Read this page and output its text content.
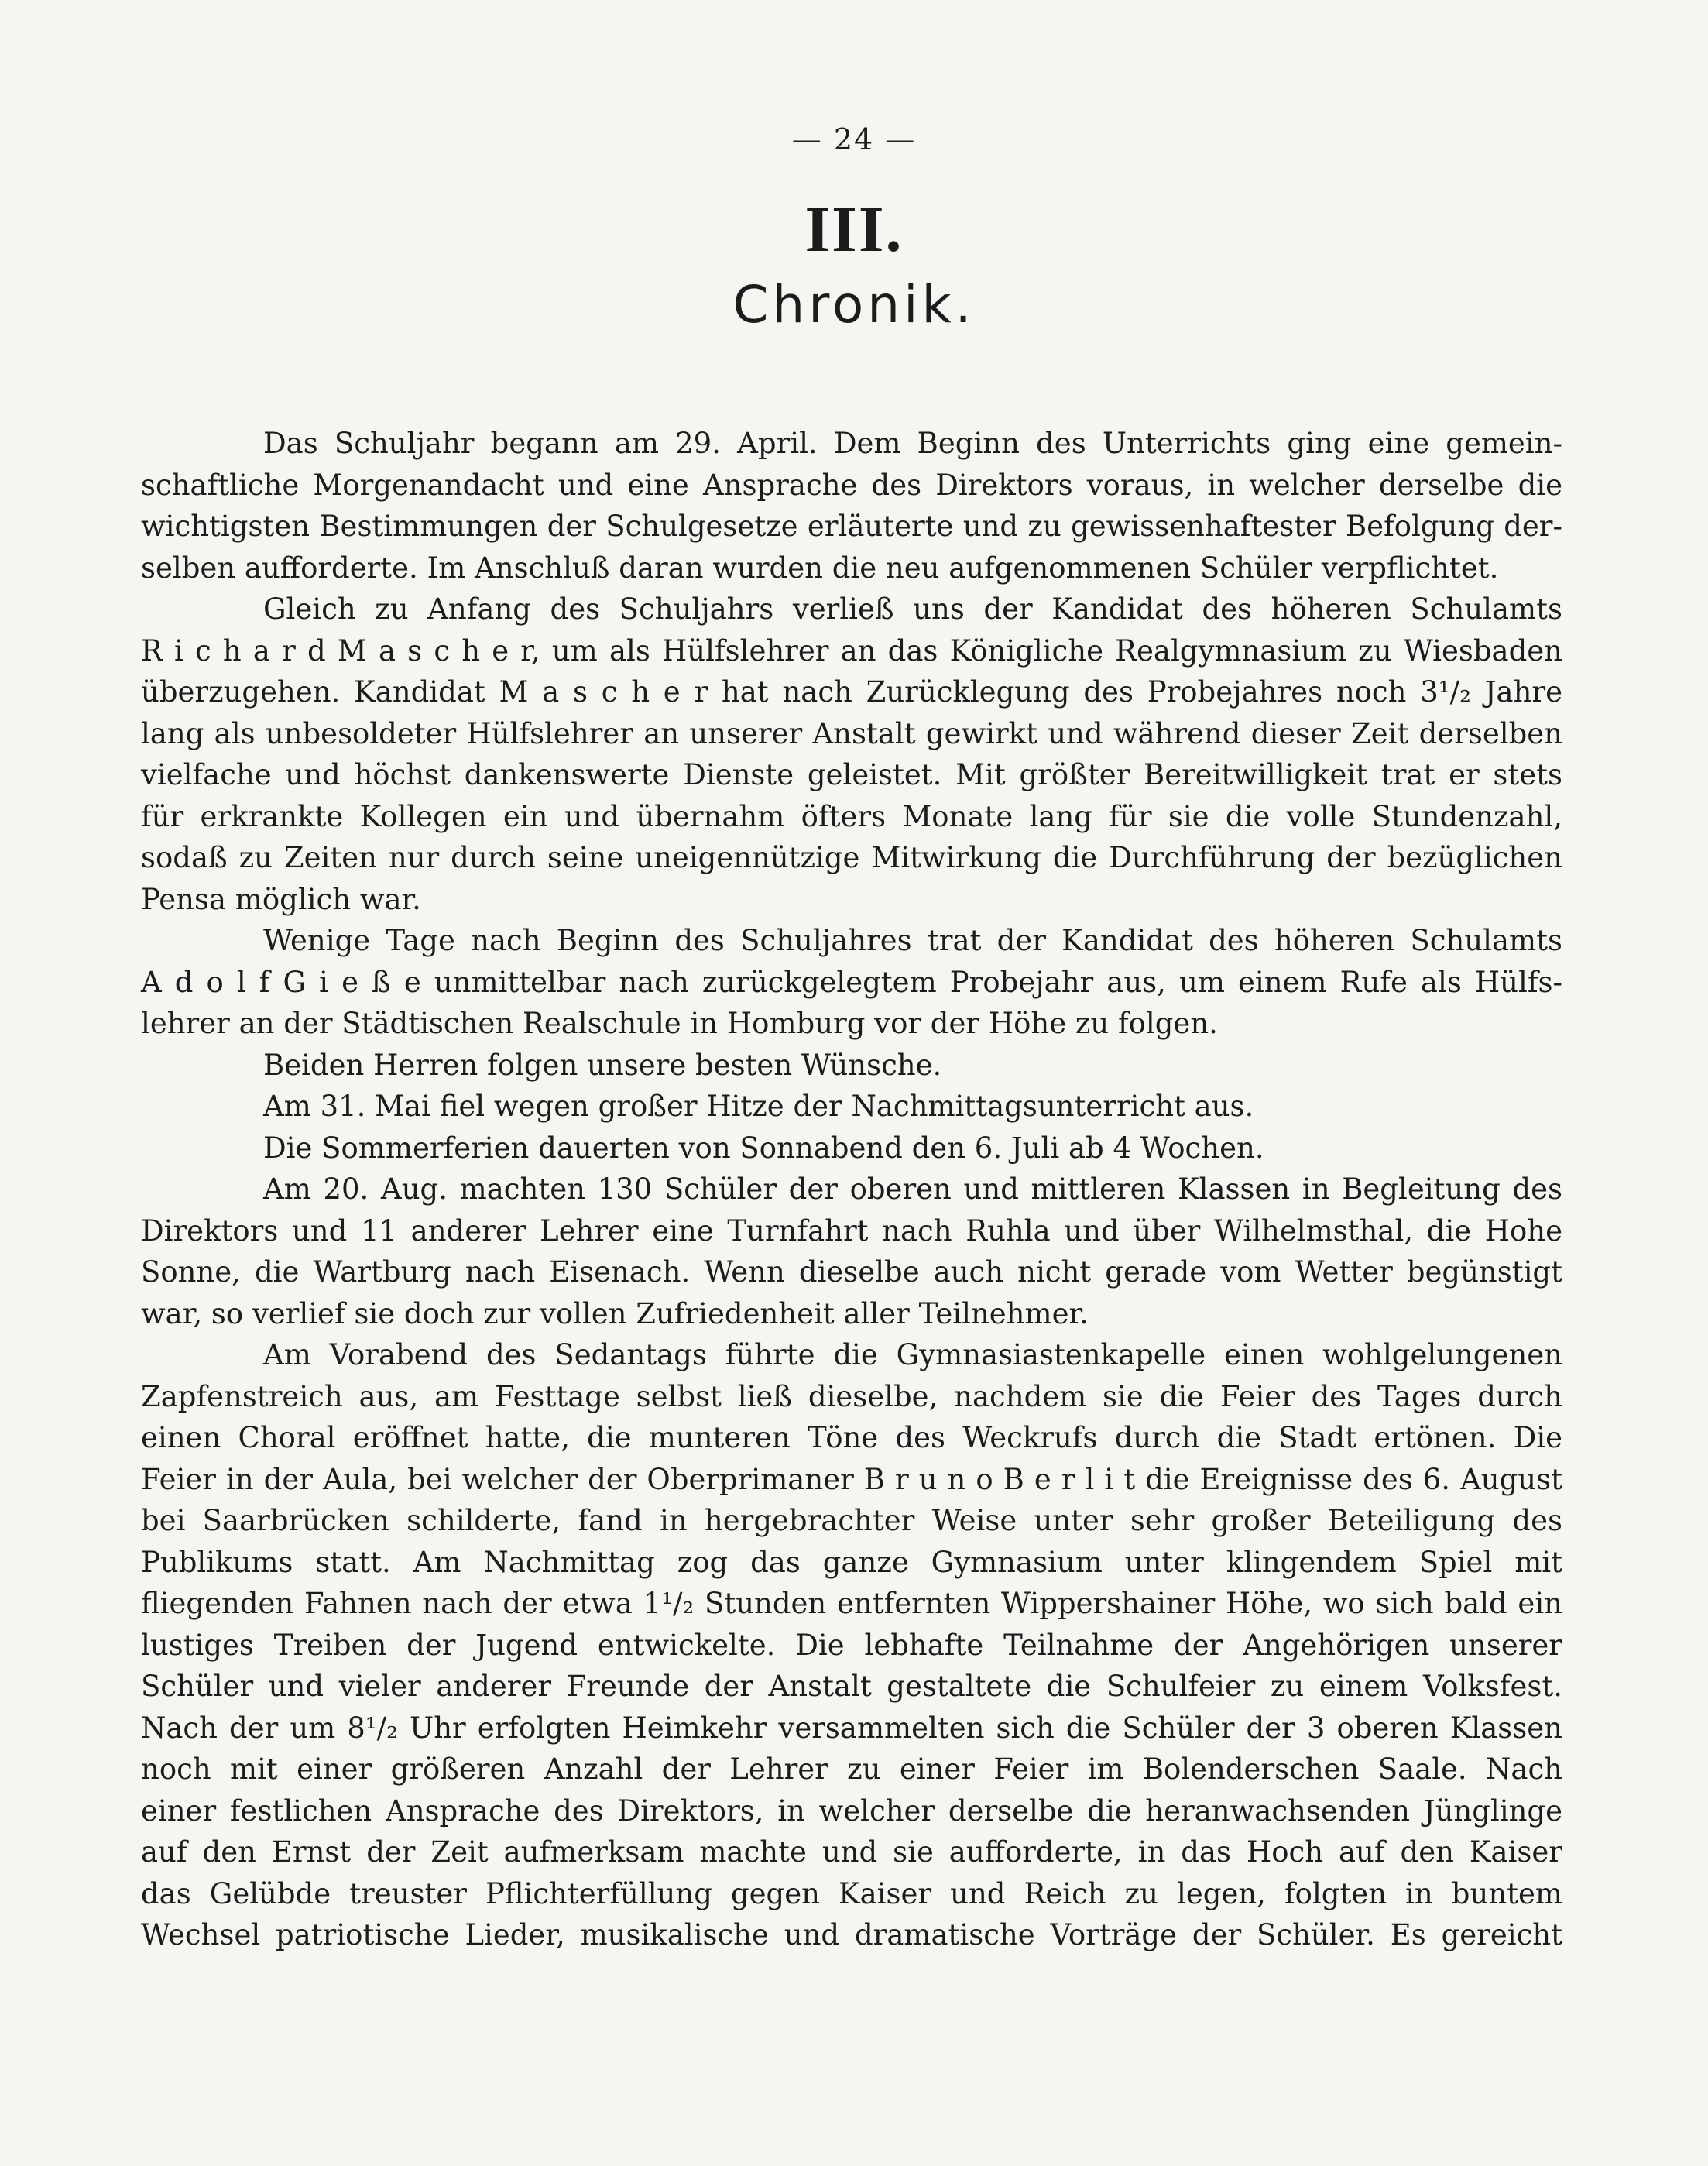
— 24 —
III.
Chronik.
Das Schuljahr begann am 29. April. Dem Beginn des Unterrichts ging eine gemein-
schaftliche Morgenandacht und eine Ansprache des Direktors voraus, in welcher derselbe die
wichtigsten Bestimmungen der Schulgesetze erläuterte und zu gewissenhaftester Befolgung der-
selben aufforderte. Im Anschluß daran wurden die neu aufgenommenen Schüler verpflichtet.
Gleich zu Anfang des Schuljahrs verließ uns der Kandidat des höheren Schulamts
R i c h a r d M a s c h e r, um als Hülfslehrer an das Königliche Realgymnasium zu Wiesbaden
überzugehen. Kandidat M a s c h e r hat nach Zurücklegung des Probejahres noch 3¹/₂ Jahre
lang als unbesoldeter Hülfslehrer an unserer Anstalt gewirkt und während dieser Zeit derselben
vielfache und höchst dankenswerte Dienste geleistet. Mit größter Bereitwilligkeit trat er stets
für erkrankte Kollegen ein und übernahm öfters Monate lang für sie die volle Stundenzahl,
sodaß zu Zeiten nur durch seine uneigennützige Mitwirkung die Durchführung der bezüglichen
Pensa möglich war.
Wenige Tage nach Beginn des Schuljahres trat der Kandidat des höheren Schulamts
A d o l f G i e ß e unmittelbar nach zurückgelegtem Probejahr aus, um einem Rufe als Hülfs-
lehrer an der Städtischen Realschule in Homburg vor der Höhe zu folgen.
Beiden Herren folgen unsere besten Wünsche.
Am 31. Mai fiel wegen großer Hitze der Nachmittagsunterricht aus.
Die Sommerferien dauerten von Sonnabend den 6. Juli ab 4 Wochen.
Am 20. Aug. machten 130 Schüler der oberen und mittleren Klassen in Begleitung des
Direktors und 11 anderer Lehrer eine Turnfahrt nach Ruhla und über Wilhelmsthal, die Hohe
Sonne, die Wartburg nach Eisenach. Wenn dieselbe auch nicht gerade vom Wetter begünstigt
war, so verlief sie doch zur vollen Zufriedenheit aller Teilnehmer.
Am Vorabend des Sedantags führte die Gymnasiastenkapelle einen wohlgelungenen
Zapfenstreich aus, am Festtage selbst ließ dieselbe, nachdem sie die Feier des Tages durch
einen Choral eröffnet hatte, die munteren Töne des Weckrufs durch die Stadt ertönen. Die
Feier in der Aula, bei welcher der Oberprimaner B r u n o B e r l i t die Ereignisse des 6. August
bei Saarbrücken schilderte, fand in hergebrachter Weise unter sehr großer Beteiligung des
Publikums statt. Am Nachmittag zog das ganze Gymnasium unter klingendem Spiel mit
fliegenden Fahnen nach der etwa 1¹/₂ Stunden entfernten Wippershainer Höhe, wo sich bald ein
lustiges Treiben der Jugend entwickelte. Die lebhafte Teilnahme der Angehörigen unserer
Schüler und vieler anderer Freunde der Anstalt gestaltete die Schulfeier zu einem Volksfest.
Nach der um 8¹/₂ Uhr erfolgten Heimkehr versammelten sich die Schüler der 3 oberen Klassen
noch mit einer größeren Anzahl der Lehrer zu einer Feier im Bolenderschen Saale. Nach
einer festlichen Ansprache des Direktors, in welcher derselbe die heranwachsenden Jünglinge
auf den Ernst der Zeit aufmerksam machte und sie aufforderte, in das Hoch auf den Kaiser
das Gelübde treuster Pflichterfüllung gegen Kaiser und Reich zu legen, folgten in buntem
Wechsel patriotische Lieder, musikalische und dramatische Vorträge der Schüler. Es gereicht
